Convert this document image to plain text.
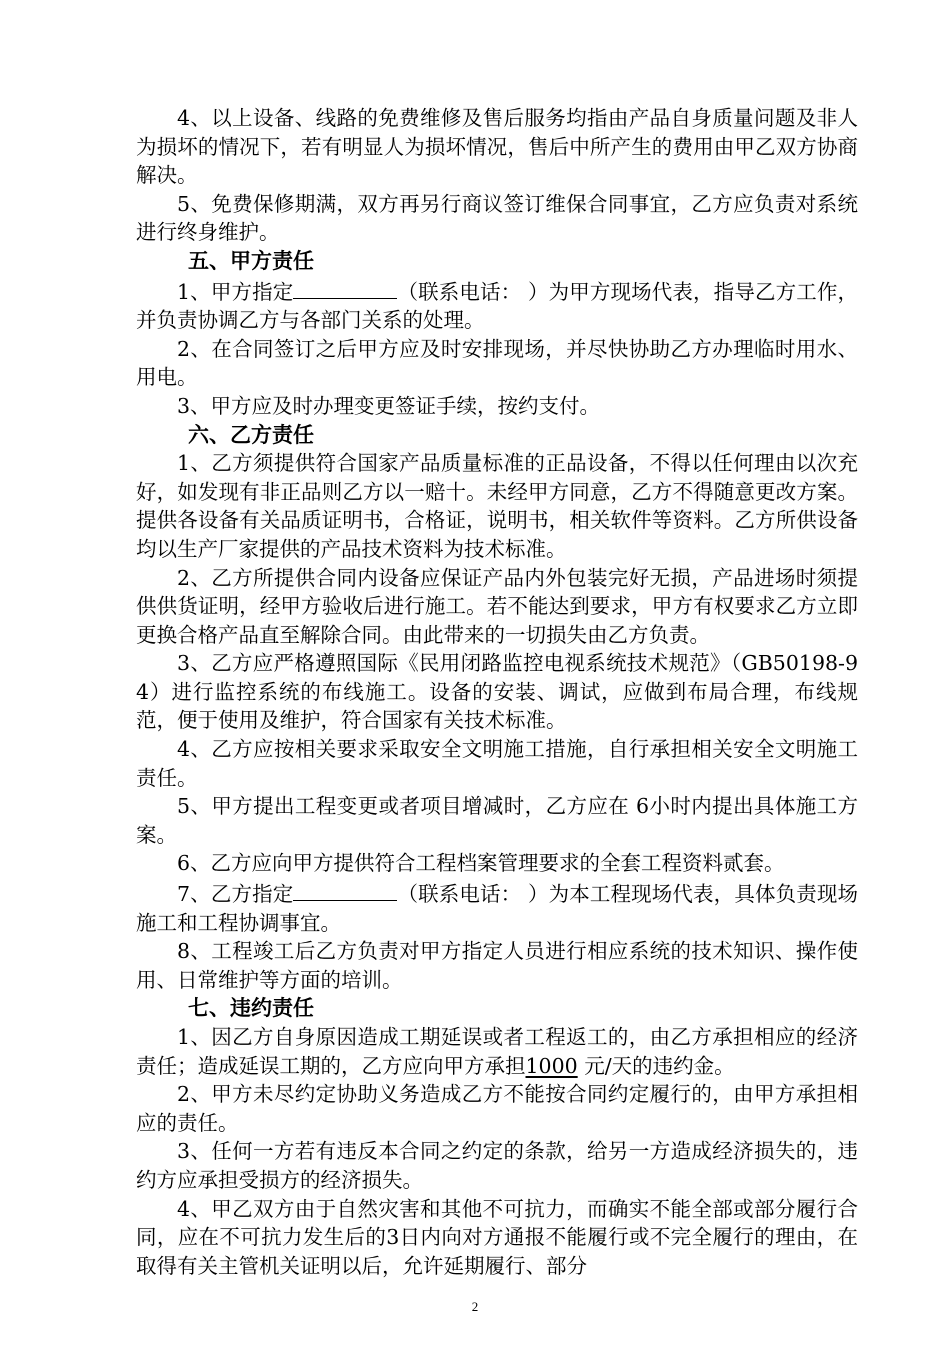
4、以上设备、线路的免费维修及售后服务均指由产品自身质量问题及非人为损坏的情况下，若有明显人为损坏情况，售后中所产生的费用由甲乙双方协商解决。

5、免费保修期满，双方再另行商议签订维保合同事宜，乙方应负责对系统进行终身维护。

五、甲方责任

1、甲方指定	（联系电话： ）为甲方现场代表，指导乙方工作，并负责协调乙方与各部门关系的处理。

2、在合同签订之后甲方应及时安排现场，并尽快协助乙方办理临时用水、用电。

3、甲方应及时办理变更签证手续，按约支付。

六、乙方责任

1、乙方须提供符合国家产品质量标准的正品设备，不得以任何理由以次充好，如发现有非正品则乙方以一赔十。未经甲方同意，乙方不得随意更改方案。提供各设备有关品质证明书，合格证，说明书，相关软件等资料。乙方所供设备均以生产厂家提供的产品技术资料为技术标准。

2、乙方所提供合同内设备应保证产品内外包装完好无损，产品进场时须提供供货证明，经甲方验收后进行施工。若不能达到要求，甲方有权要求乙方立即更换合格产品直至解除合同。由此带来的一切损失由乙方负责。

3、乙方应严格遵照国际《民用闭路监控电视系统技术规范》（GB50198-94）进行监控系统的布线施工。设备的安装、调试，应做到布局合理，布线规范，便于使用及维护，符合国家有关技术标准。

4、乙方应按相关要求采取安全文明施工措施，自行承担相关安全文明施工责任。

5、甲方提出工程变更或者项目增减时，乙方应在 6小时内提出具体施工方案。

6、乙方应向甲方提供符合工程档案管理要求的全套工程资料贰套。

7、乙方指定	（联系电话： ）为本工程现场代表，具体负责现场施工和工程协调事宜。

8、工程竣工后乙方负责对甲方指定人员进行相应系统的技术知识、操作使用、日常维护等方面的培训。

七、违约责任

1、因乙方自身原因造成工期延误或者工程返工的，由乙方承担相应的经济责任；造成延误工期的，乙方应向甲方承担1000 元/天的违约金。

2、甲方未尽约定协助义务造成乙方不能按合同约定履行的，由甲方承担相应的责任。

3、任何一方若有违反本合同之约定的条款，给另一方造成经济损失的，违约方应承担受损方的经济损失。

4、甲乙双方由于自然灾害和其他不可抗力，而确实不能全部或部分履行合同，应在不可抗力发生后的3日内向对方通报不能履行或不完全履行的理由，在取得有关主管机关证明以后，允许延期履行、部分

2
